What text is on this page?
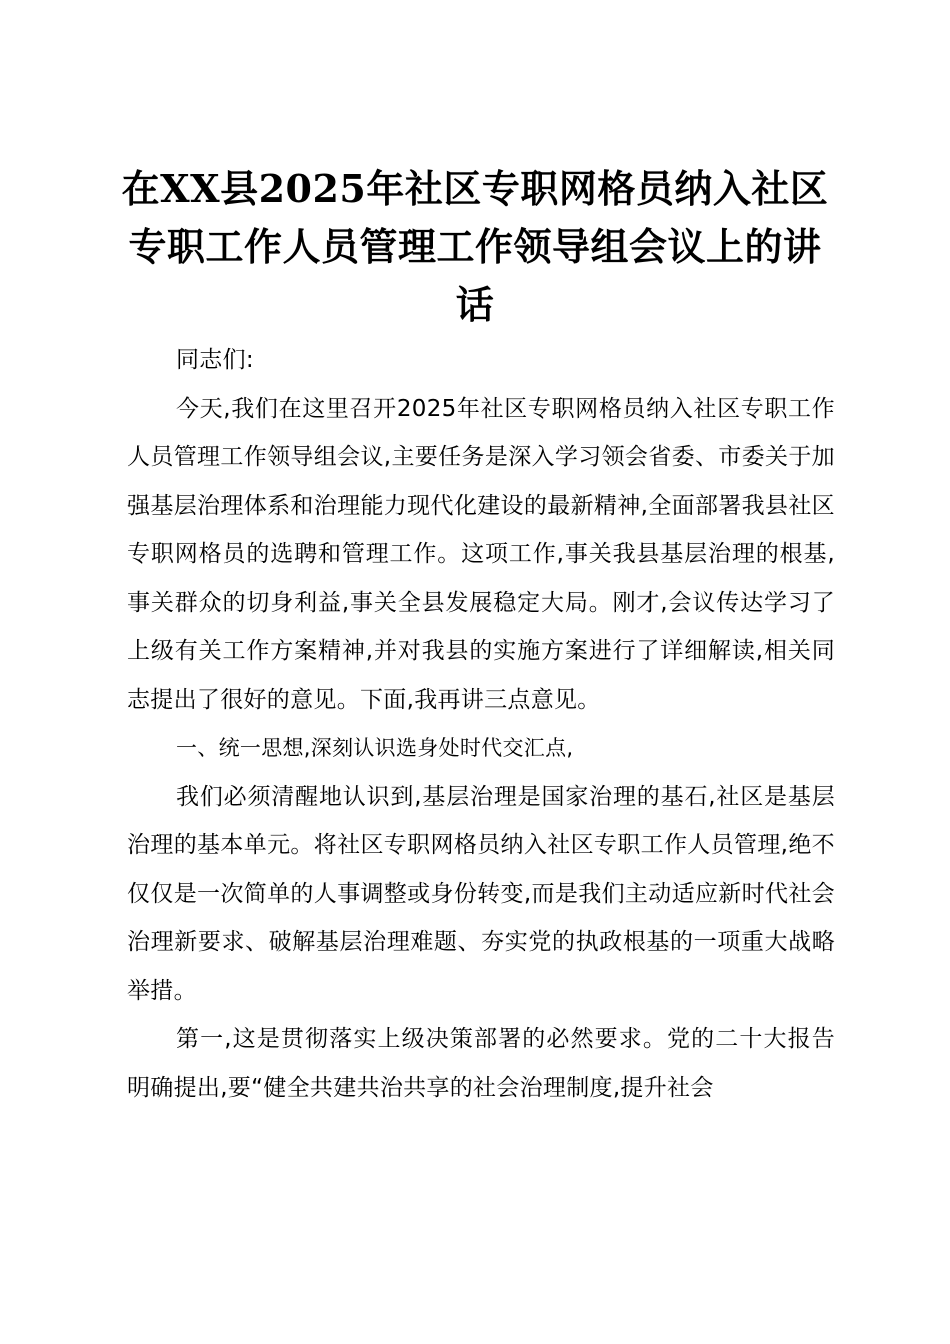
在XX县2025年社区专职网格员纳入社区专职工作人员管理工作领导组会议上的讲话

同志们:

今天,我们在这里召开2025年社区专职网格员纳入社区专职工作人员管理工作领导组会议,主要任务是深入学习领会省委、市委关于加强基层治理体系和治理能力现代化建设的最新精神,全面部署我县社区专职网格员的选聘和管理工作。这项工作,事关我县基层治理的根基,事关群众的切身利益,事关全县发展稳定大局。刚才,会议传达学习了上级有关工作方案精神,并对我县的实施方案进行了详细解读,相关同志提出了很好的意见。下面,我再讲三点意见。

一、统一思想,深刻认识选身处时代交汇点,

我们必须清醒地认识到,基层治理是国家治理的基石,社区是基层治理的基本单元。将社区专职网格员纳入社区专职工作人员管理,绝不仅仅是一次简单的人事调整或身份转变,而是我们主动适应新时代社会治理新要求、破解基层治理难题、夯实党的执政根基的一项重大战略举措。

第一,这是贯彻落实上级决策部署的必然要求。党的二十大报告明确提出,要“健全共建共治共享的社会治理制度,提升社会
